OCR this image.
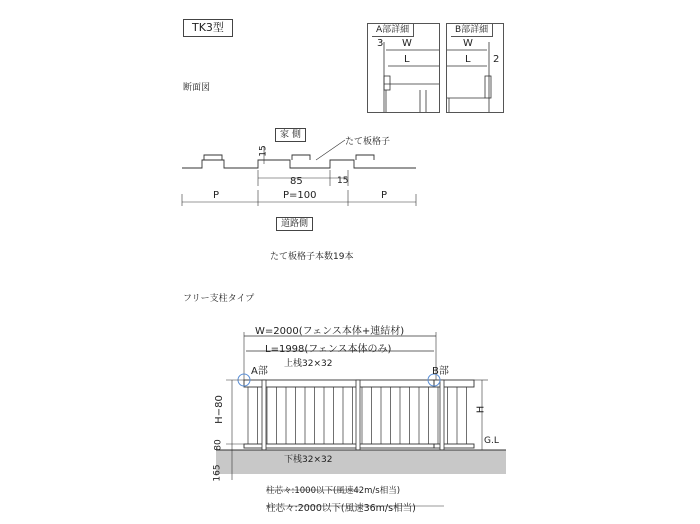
TK3型
断面図
A部詳細
3 W
L
B部詳細
W
L 2
家 側
たて板格子
15
85	15
P	P=100	P
道路側
たて板格子本数19本
フリー支柱タイプ
W=2000(フェンス本体+連結材)
L=1998(フェンス本体のみ)
A部	B部
上桟32×32
下桟32×32
H−80	H
80
165
G.L
柱芯々:1000以下(風速42m/s相当)
柱芯々:2000以下(風速36m/s相当)
